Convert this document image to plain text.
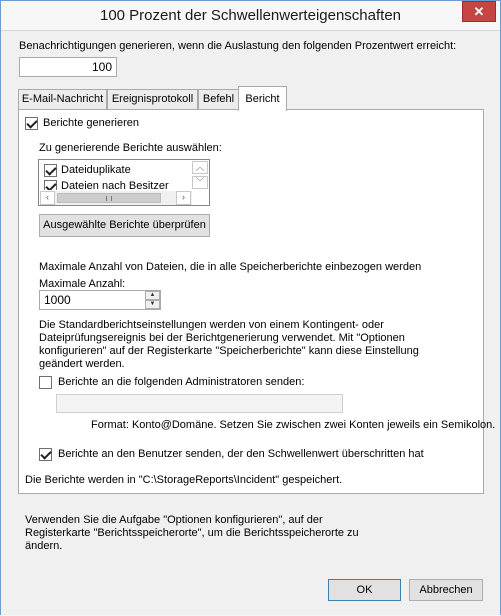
100 Prozent der Schwellenwerteigenschaften	✕
Benachrichtigungen generieren, wenn die Auslastung den folgenden Prozentwert erreicht:
100
E-Mail-Nachricht Ereignisprotokoll Befehl	Bericht
Berichte generieren
Zu generierende Berichte auswählen:
Dateiduplikate
Dateien nach Besitzer
︿
﹀
‹	›
Ausgewählte Berichte überprüfen
Maximale Anzahl von Dateien, die in alle Speicherberichte einbezogen werden
Maximale Anzahl:
1000	▲
▼
Die Standardberichtseinstellungen werden von einem Kontingent- oder Dateiprüfungsereignis bei der Berichtgenerierung verwendet. Mit "Optionen konfigurieren" auf der Registerkarte "Speicherberichte" kann diese Einstellung geändert werden.
Berichte an die folgenden Administratoren senden:
Format: Konto@Domäne. Setzen Sie zwischen zwei Konten jeweils ein Semikolon.
Berichte an den Benutzer senden, der den Schwellenwert überschritten hat
Die Berichte werden in "C:\StorageReports\Incident" gespeichert.
Verwenden Sie die Aufgabe "Optionen konfigurieren", auf der Registerkarte "Berichtsspeicherorte", um die Berichtsspeicherorte zu ändern.
OK	Abbrechen
